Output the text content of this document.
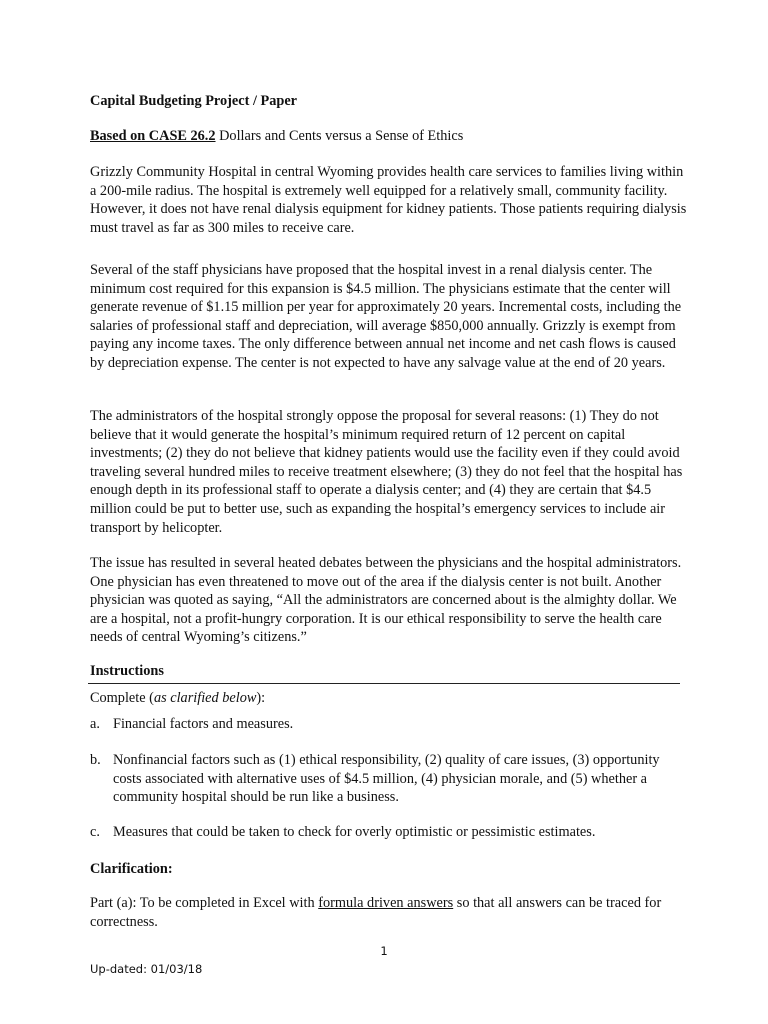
Capital Budgeting Project / Paper
Based on CASE 26.2 Dollars and Cents versus a Sense of Ethics
Grizzly Community Hospital in central Wyoming provides health care services to families living within a 200-mile radius. The hospital is extremely well equipped for a relatively small, community facility. However, it does not have renal dialysis equipment for kidney patients. Those patients requiring dialysis must travel as far as 300 miles to receive care.
Several of the staff physicians have proposed that the hospital invest in a renal dialysis center. The minimum cost required for this expansion is $4.5 million. The physicians estimate that the center will generate revenue of $1.15 million per year for approximately 20 years. Incremental costs, including the salaries of professional staff and depreciation, will average $850,000 annually. Grizzly is exempt from paying any income taxes. The only difference between annual net income and net cash flows is caused by depreciation expense. The center is not expected to have any salvage value at the end of 20 years.
The administrators of the hospital strongly oppose the proposal for several reasons: (1) They do not believe that it would generate the hospital’s minimum required return of 12 percent on capital investments; (2) they do not believe that kidney patients would use the facility even if they could avoid traveling several hundred miles to receive treatment elsewhere; (3) they do not feel that the hospital has enough depth in its professional staff to operate a dialysis center; and (4) they are certain that $4.5 million could be put to better use, such as expanding the hospital’s emergency services to include air transport by helicopter.
The issue has resulted in several heated debates between the physicians and the hospital administrators. One physician has even threatened to move out of the area if the dialysis center is not built. Another physician was quoted as saying, “All the administrators are concerned about is the almighty dollar. We are a hospital, not a profit-hungry corporation. It is our ethical responsibility to serve the health care needs of central Wyoming’s citizens.”
Instructions
Complete (as clarified below):
a. Financial factors and measures.
b. Nonfinancial factors such as (1) ethical responsibility, (2) quality of care issues, (3) opportunity costs associated with alternative uses of $4.5 million, (4) physician morale, and (5) whether a community hospital should be run like a business.
c. Measures that could be taken to check for overly optimistic or pessimistic estimates.
Clarification:
Part (a): To be completed in Excel with formula driven answers so that all answers can be traced for correctness.
1
Up-dated: 01/03/18
